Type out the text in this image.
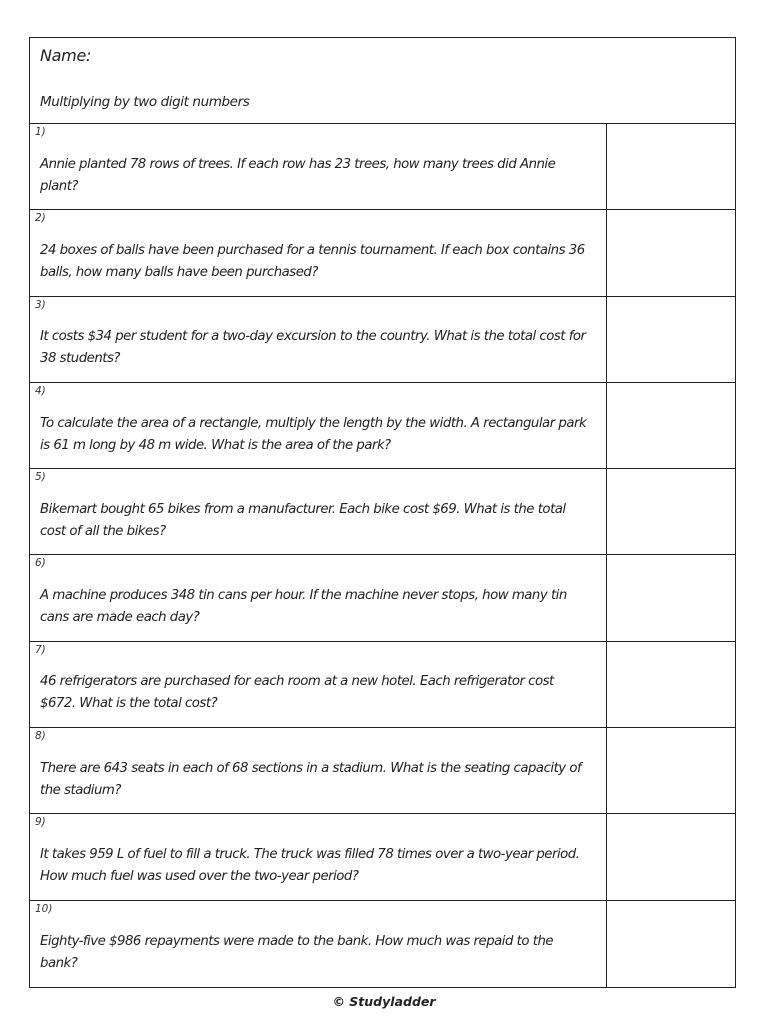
Name:
Multiplying by two digit numbers
1)
Annie planted 78 rows of trees. If each row has 23 trees, how many trees did Annie plant?
2)
24 boxes of balls have been purchased for a tennis tournament. If each box contains 36 balls, how many balls have been purchased?
3)
It costs $34 per student for a two-day excursion to the country. What is the total cost for 38 students?
4)
To calculate the area of a rectangle, multiply the length by the width. A rectangular park is 61 m long by 48 m wide. What is the area of the park?
5)
Bikemart bought 65 bikes from a manufacturer. Each bike cost $69. What is the total cost of all the bikes?
6)
A machine produces 348 tin cans per hour. If the machine never stops, how many tin cans are made each day?
7)
46 refrigerators are purchased for each room at a new hotel. Each refrigerator cost $672. What is the total cost?
8)
There are 643 seats in each of 68 sections in a stadium. What is the seating capacity of the stadium?
9)
It takes 959 L of fuel to fill a truck. The truck was filled 78 times over a two-year period. How much fuel was used over the two-year period?
10)
Eighty-five $986 repayments were made to the bank. How much was repaid to the bank?
© Studyladder
